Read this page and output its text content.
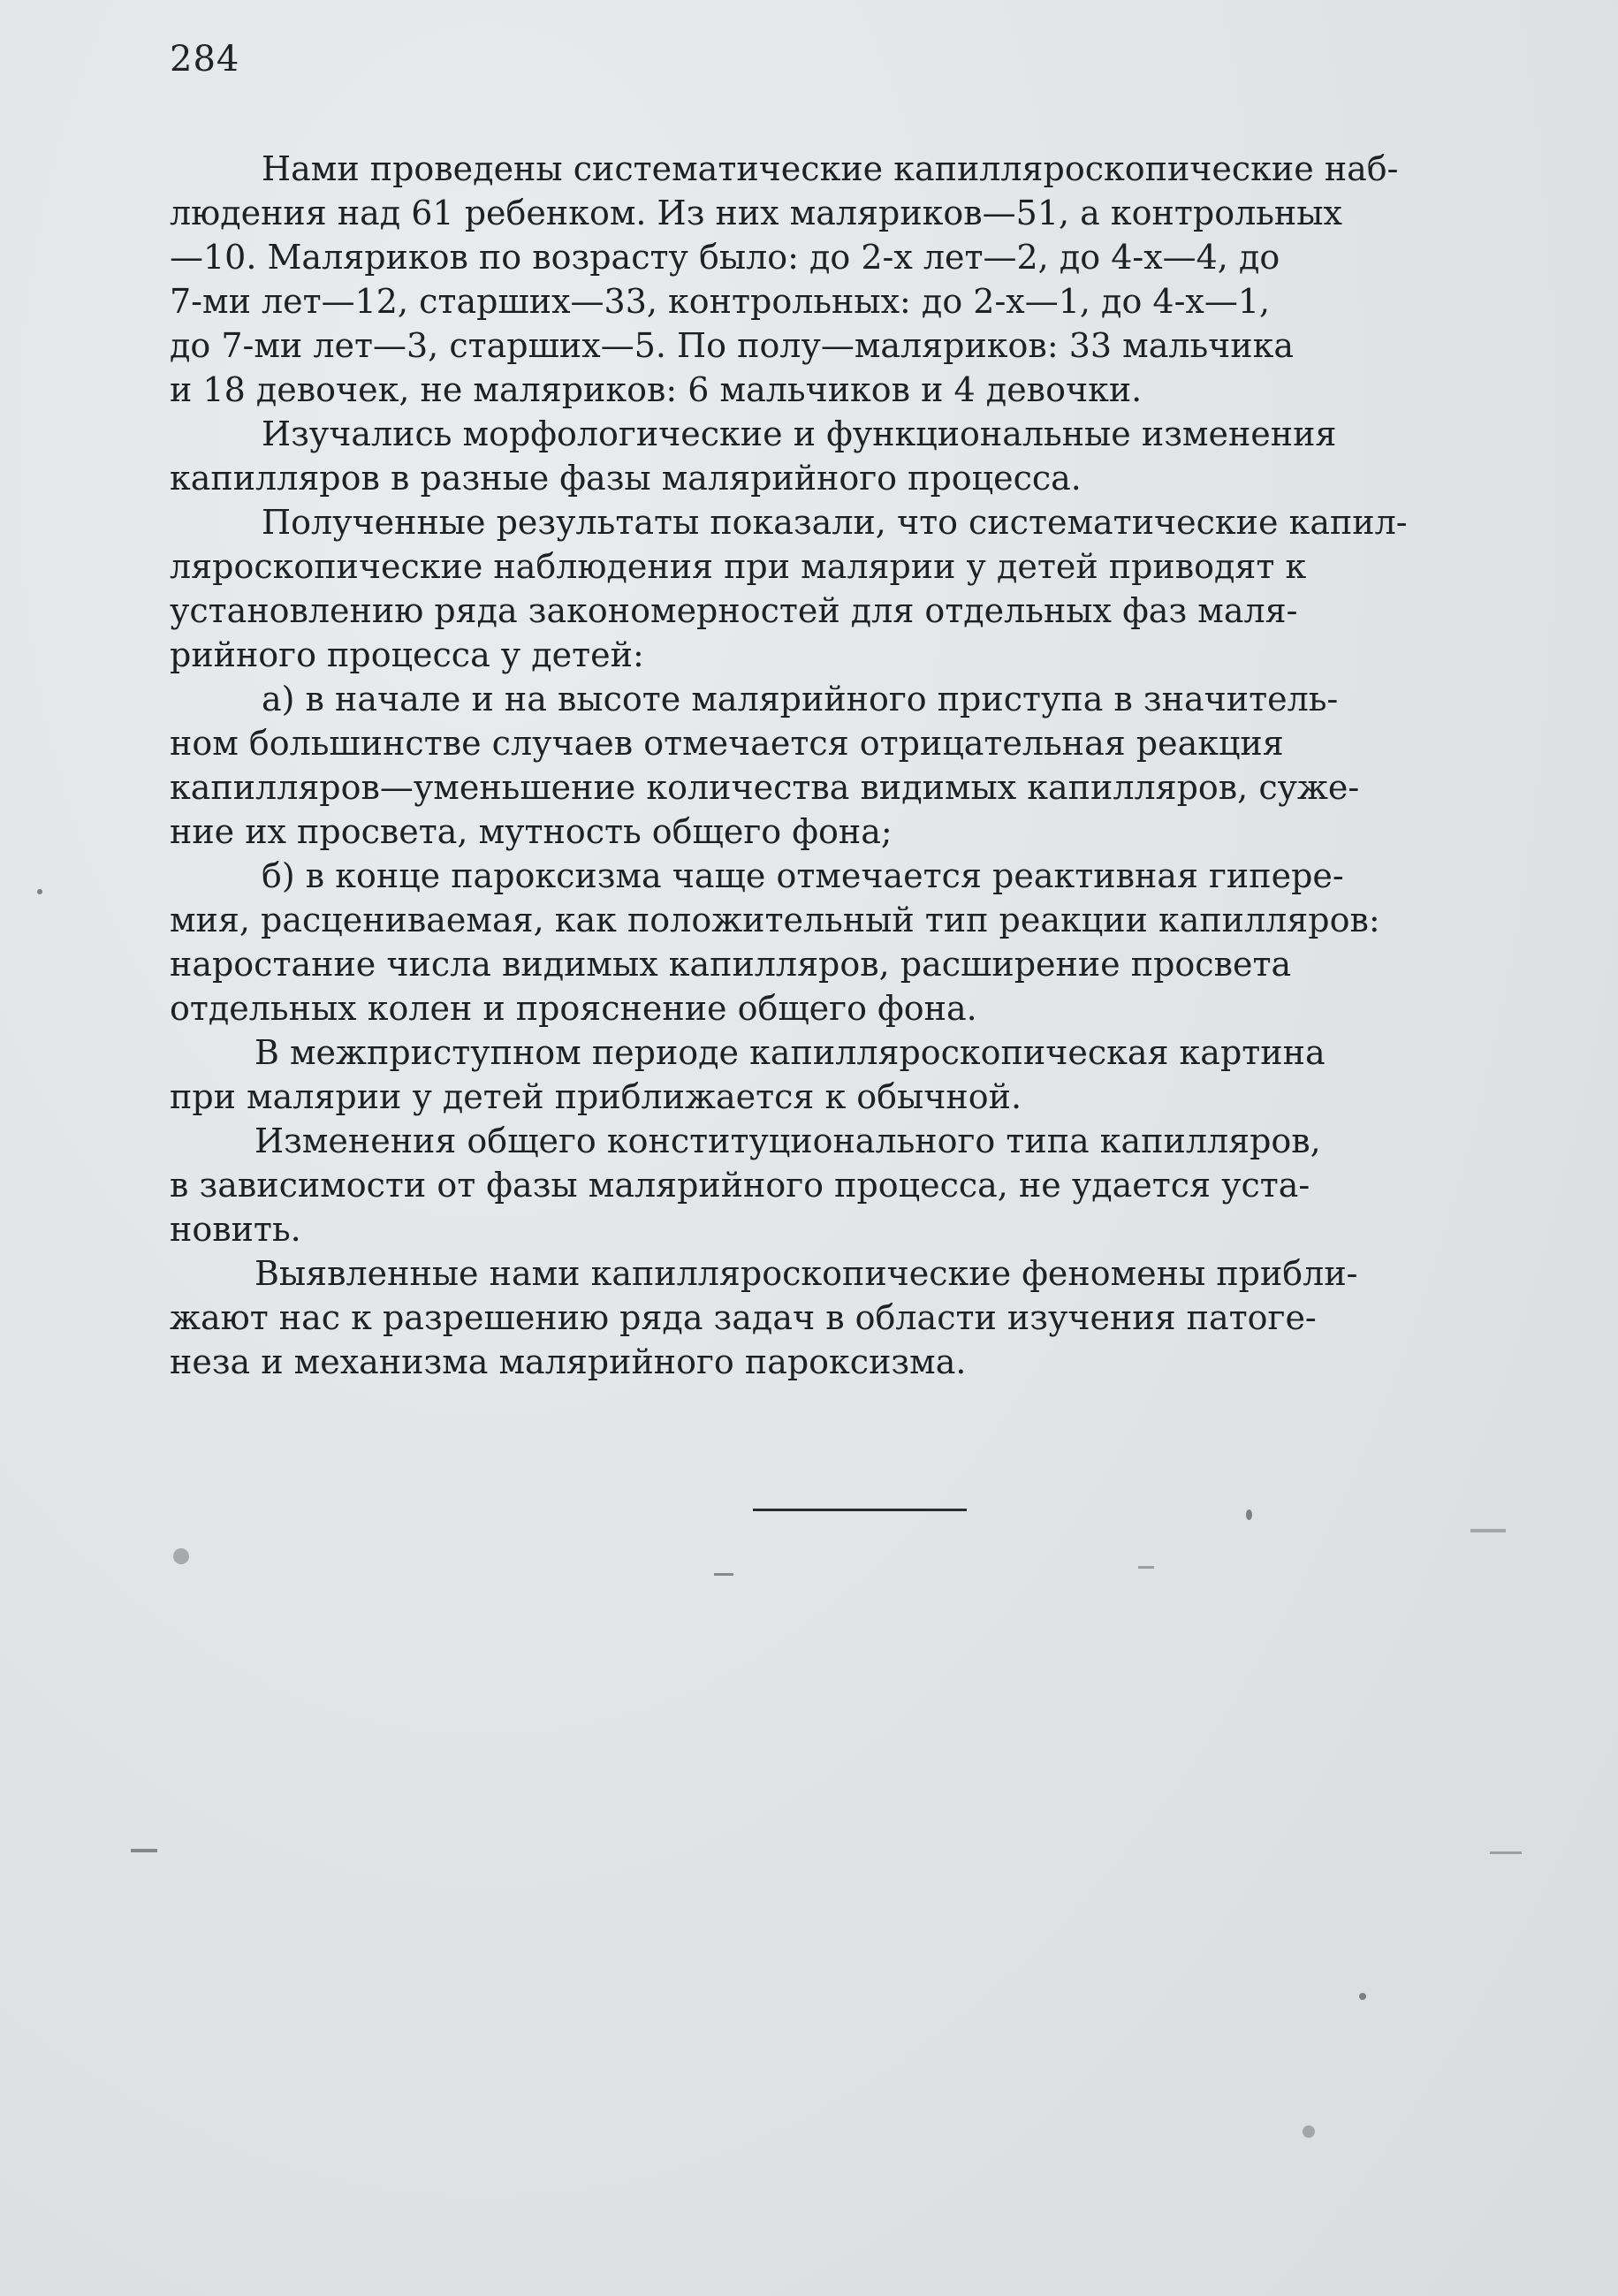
284
Нами проведены систематические капилляроскопические наб-
людения над 61 ребенком. Из них маляриков—51, а контрольных
—10. Маляриков по возрасту было: до 2-х лет—2, до 4-х—4, до
7-ми лет—12, старших—33, контрольных: до 2-х—1, до 4-х—1,
до 7-ми лет—3, старших—5. По полу—маляриков: 33 мальчика
и 18 девочек, не маляриков: 6 мальчиков и 4 девочки.
Изучались морфологические и функциональные изменения
капилляров в разные фазы малярийного процесса.
Полученные результаты показали, что систематические капил-
ляроскопические наблюдения при малярии у детей приводят к
установлению ряда закономерностей для отдельных фаз маля-
рийного процесса у детей:
а) в начале и на высоте малярийного приступа в значитель-
ном большинстве случаев отмечается отрицательная реакция
капилляров—уменьшение количества видимых капилляров, суже-
ние их просвета, мутность общего фона;
б) в конце пароксизма чаще отмечается реактивная гипере-
мия, расцениваемая, как положительный тип реакции капилляров:
наростание числа видимых капилляров, расширение просвета
отдельных колен и прояснение общего фона.
В межприступном периоде капилляроскопическая картина
при малярии у детей приближается к обычной.
Изменения общего конституционального типа капилляров,
в зависимости от фазы малярийного процесса, не удается уста-
новить.
Выявленные нами капилляроскопические феномены прибли-
жают нас к разрешению ряда задач в области изучения патоге-
неза и механизма малярийного пароксизма.
